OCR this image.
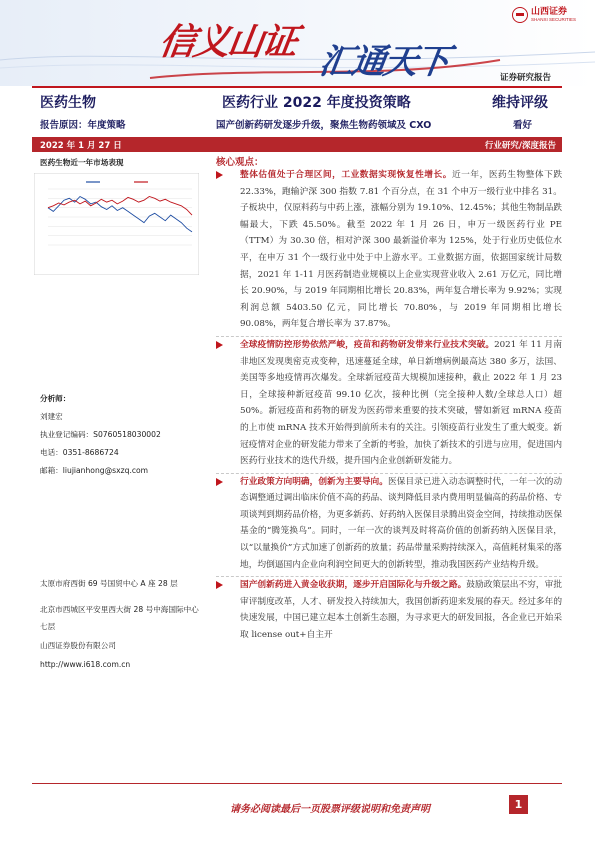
信义山证 汇通天下
山西证券
SHANXI SECURITIES
证券研究报告
医药生物	医药行业 2022 年度投资策略	维持评级
报告原因：年度策略	国产创新药研发逐步升级，聚焦生物药领域及 CXO	看好
2022 年 1 月 27 日	行业研究/深度报告
医药生物近一年市场表现
分析师：
刘建宏
执业登记编码：S0760518030002
电话：0351-8686724
邮箱：liujianhong@sxzq.com
太原市府西街 69 号国贸中心 A 座 28 层
北京市西城区平安里西大街 28 号中海国际中心七层
山西证券股份有限公司
http://www.i618.com.cn
核心观点：
整体估值处于合理区间，工业数据实现恢复性增长。近一年，医药生物整体下跌 22.33%，跑输沪深 300 指数 7.81 个百分点，在 31 个申万一级行业中排名 31。子板块中，仅原料药与中药上涨，涨幅分别为 19.10%、12.45%；其他生物制品跌幅最大，下跌 45.50%。截至 2022 年 1 月 26 日，申万一级医药行业 PE（TTM）为 30.30 倍，相对沪深 300 最新溢价率为 125%，处于行业历史低位水平，在申万 31 个一级行业中处于中上游水平。工业数据方面，依据国家统计局数据，2021 年 1-11 月医药制造业规模以上企业实现营业收入 2.61 万亿元，同比增长 20.90%，与 2019 年同期相比增长 20.83%，两年复合增长率为 9.92%；实现利润总额 5403.50 亿元，同比增长 70.80%，与 2019 年同期相比增长 90.08%，两年复合增长率为 37.87%。
全球疫情防控形势依然严峻，疫苗和药物研发带来行业技术突破。2021 年 11 月南非地区发现奥密克戎变种，迅速蔓延全球，单日新增病例最高达 380 多万，法国、美国等多地疫情再次爆发。全球新冠疫苗大规模加速接种，截止 2022 年 1 月 23 日，全球接种新冠疫苗 99.10 亿次，接种比例（完全接种人数/全球总人口）超 50%。新冠疫苗和药物的研发为医药带来重要的技术突破，譬如新冠 mRNA 疫苗的上市使 mRNA 技术开始得到前所未有的关注。引领疫苗行业发生了重大蜕变。新冠疫情对企业的研发能力带来了全新的考验，加快了新技术的引进与应用，促进国内医药行业技术的迭代升级，提升国内企业创新研发能力。
行业政策方向明确，创新为主要导向。医保目录已进入动态调整时代，一年一次的动态调整通过调出临床价值不高的药品、谈判降低目录内费用明显偏高的药品价格、专项谈判到期药品价格，为更多新药、好药纳入医保目录腾出资金空间，持续推动医保基金的“腾笼换鸟”。同时，一年一次的谈判及时将高价值的创新药纳入医保目录，以“以量换价”方式加速了创新药的放量；药品带量采购持续深入，高值耗材集采的落地，均倒逼国内企业向利润空间更大的创新转型，推动我国医药产业结构升级。
国产创新药进入黄金收获期，逐步开启国际化与升级之路。鼓励政策层出不穷，审批审评制度改革，人才、研发投入持续加大，我国创新药迎来发展的春天。经过多年的快速发展，中国已建立起本土创新生态圈，为寻求更大的研发回报，各企业已开始采取 license out+自主开
请务必阅读最后一页股票评级说明和免责声明	1
